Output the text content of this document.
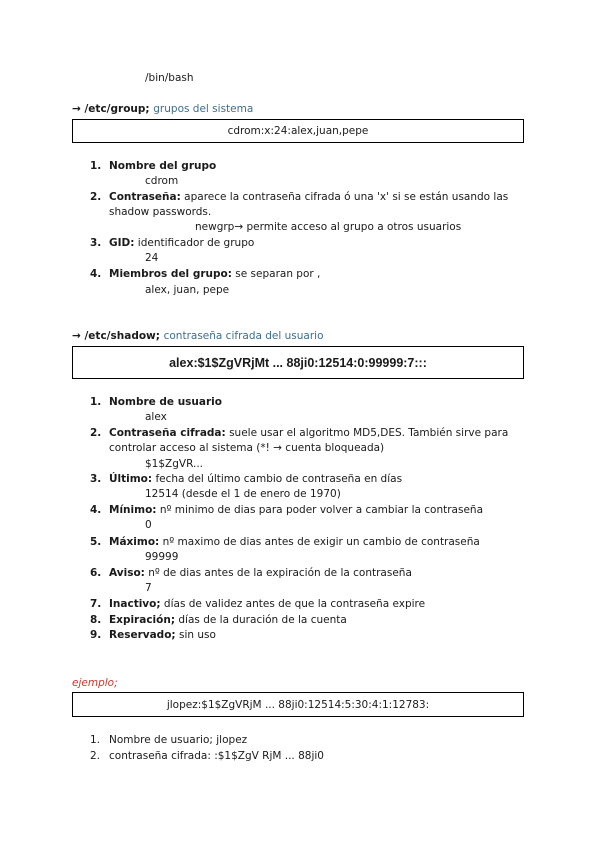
/bin/bash
→ /etc/group; grupos del sistema
cdrom:x:24:alex,juan,pepe
1. Nombre del grupo
cdrom
2. Contraseña: aparece la contraseña cifrada ó una 'x' si se están usando las
shadow passwords.
newgrp→ permite acceso al grupo a otros usuarios
3. GID: identificador de grupo
24
4. Miembros del grupo: se separan por ,
alex, juan, pepe
→ /etc/shadow; contraseña cifrada del usuario
alex:$1$ZgVRjMt ... 88ji0:12514:0:99999:7:::
1. Nombre de usuario
alex
2. Contraseña cifrada: suele usar el algoritmo MD5,DES. También sirve para
controlar acceso al sistema (*! → cuenta bloqueada)
$1$ZgVR...
3. Último: fecha del último cambio de contraseña en días
12514 (desde el 1 de enero de 1970)
4. Mínimo: nº minimo de dias para poder volver a cambiar la contraseña
0
5. Máximo: nº maximo de dias antes de exigir un cambio de contraseña
99999
6. Aviso: nº de dias antes de la expiración de la contraseña
7
7. Inactivo; días de validez antes de que la contraseña expire
8. Expiración; días de la duración de la cuenta
9. Reservado; sin uso
ejemplo;
jlopez:$1$ZgVRjM ... 88ji0:12514:5:30:4:1:12783:
1. Nombre de usuario; jlopez
2. contraseña cifrada: :$1$ZgV RjM ... 88ji0
